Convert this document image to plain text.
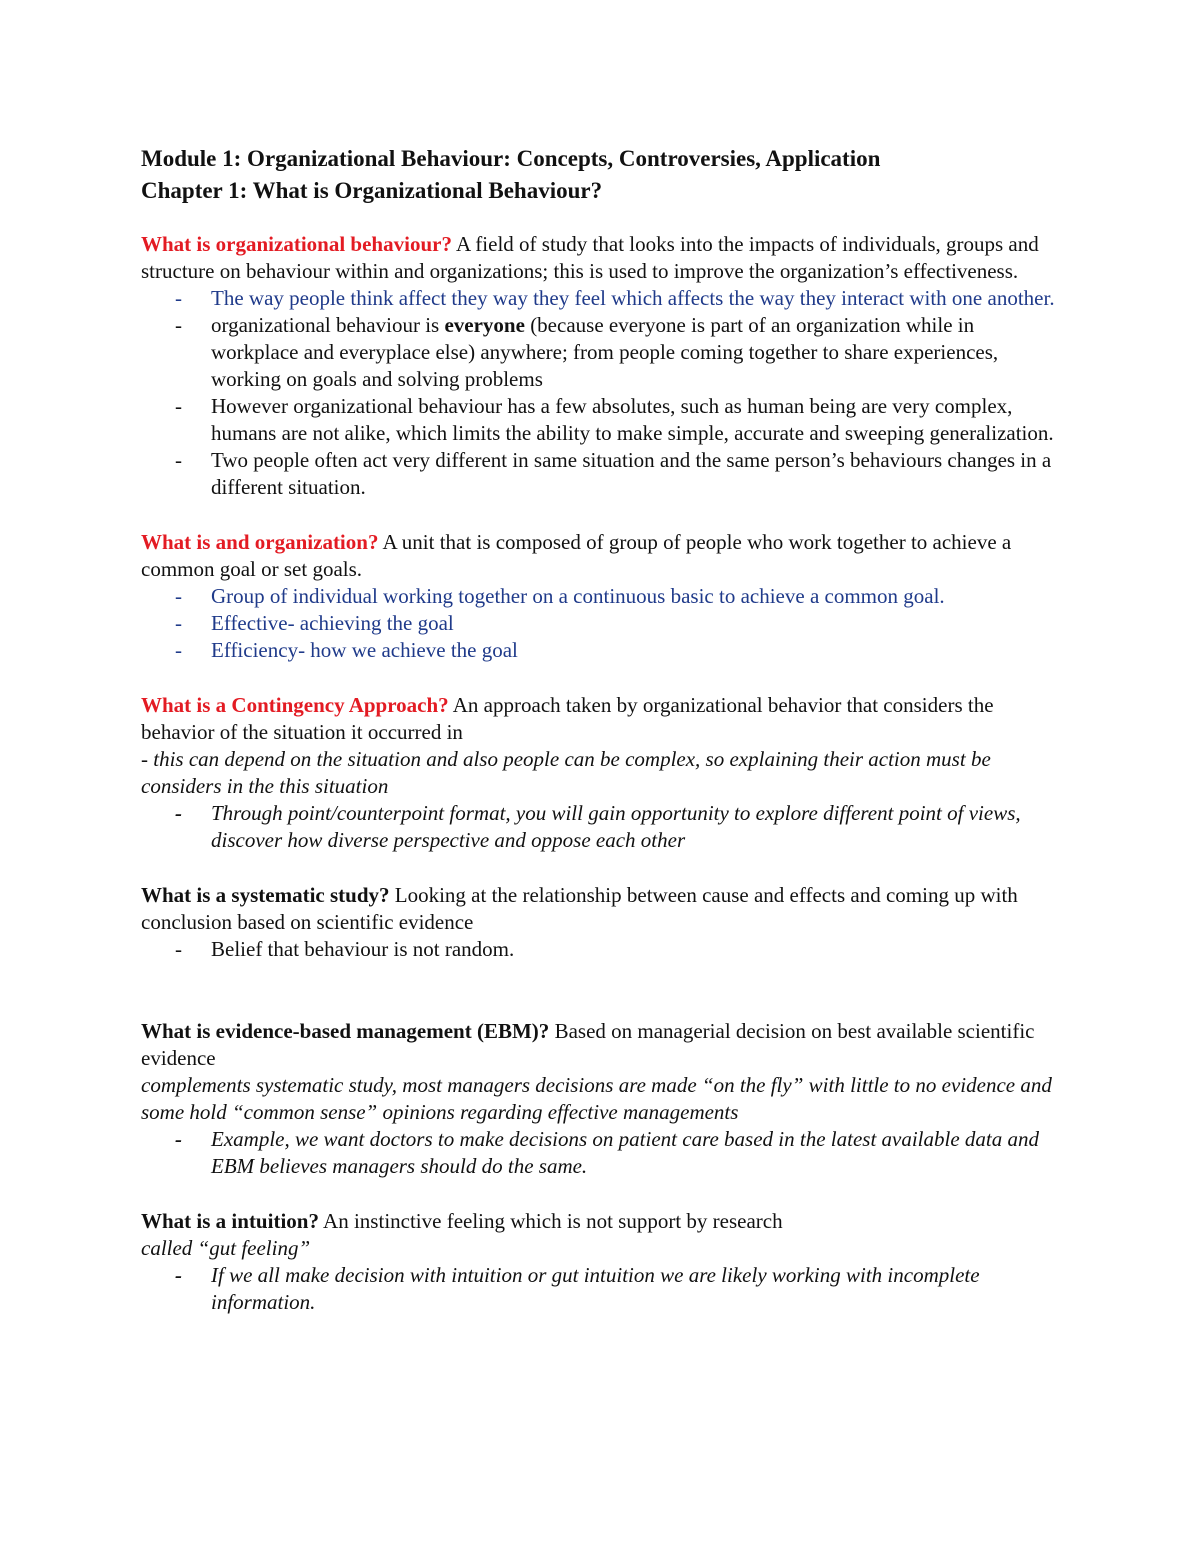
Module 1: Organizational Behaviour: Concepts, Controversies, Application

Chapter 1: What is Organizational Behaviour?

What is organizational behaviour? A field of study that looks into the impacts of individuals, groups and structure on behaviour within and organizations; this is used to improve the organization’s effectiveness.

- The way people think affect they way they feel which affects the way they interact with one another.
- organizational behaviour is everyone (because everyone is part of an organization while in workplace and everyplace else) anywhere; from people coming together to share experiences, working on goals and solving problems
- However organizational behaviour has a few absolutes, such as human being are very complex, humans are not alike, which limits the ability to make simple, accurate and sweeping generalization.
- Two people often act very different in same situation and the same person’s behaviours changes in a different situation.

What is and organization? A unit that is composed of group of people who work together to achieve a common goal or set goals.

- Group of individual working together on a continuous basic to achieve a common goal.
- Effective- achieving the goal
- Efficiency- how we achieve the goal

What is a Contingency Approach? An approach taken by organizational behavior that considers the behavior of the situation it occurred in

- this can depend on the situation and also people can be complex, so explaining their action must be considers in the this situation

- Through point/counterpoint format, you will gain opportunity to explore different point of views, discover how diverse perspective and oppose each other

What is a systematic study? Looking at the relationship between cause and effects and coming up with conclusion based on scientific evidence

- Belief that behaviour is not random.

What is evidence-based management (EBM)? Based on managerial decision on best available scientific evidence

complements systematic study, most managers decisions are made “on the fly” with little to no evidence and some hold “common sense” opinions regarding effective managements

- Example, we want doctors to make decisions on patient care based in the latest available data and EBM believes managers should do the same.

What is a intuition? An instinctive feeling which is not support by research

called “gut feeling”

- If we all make decision with intuition or gut intuition we are likely working with incomplete information.
